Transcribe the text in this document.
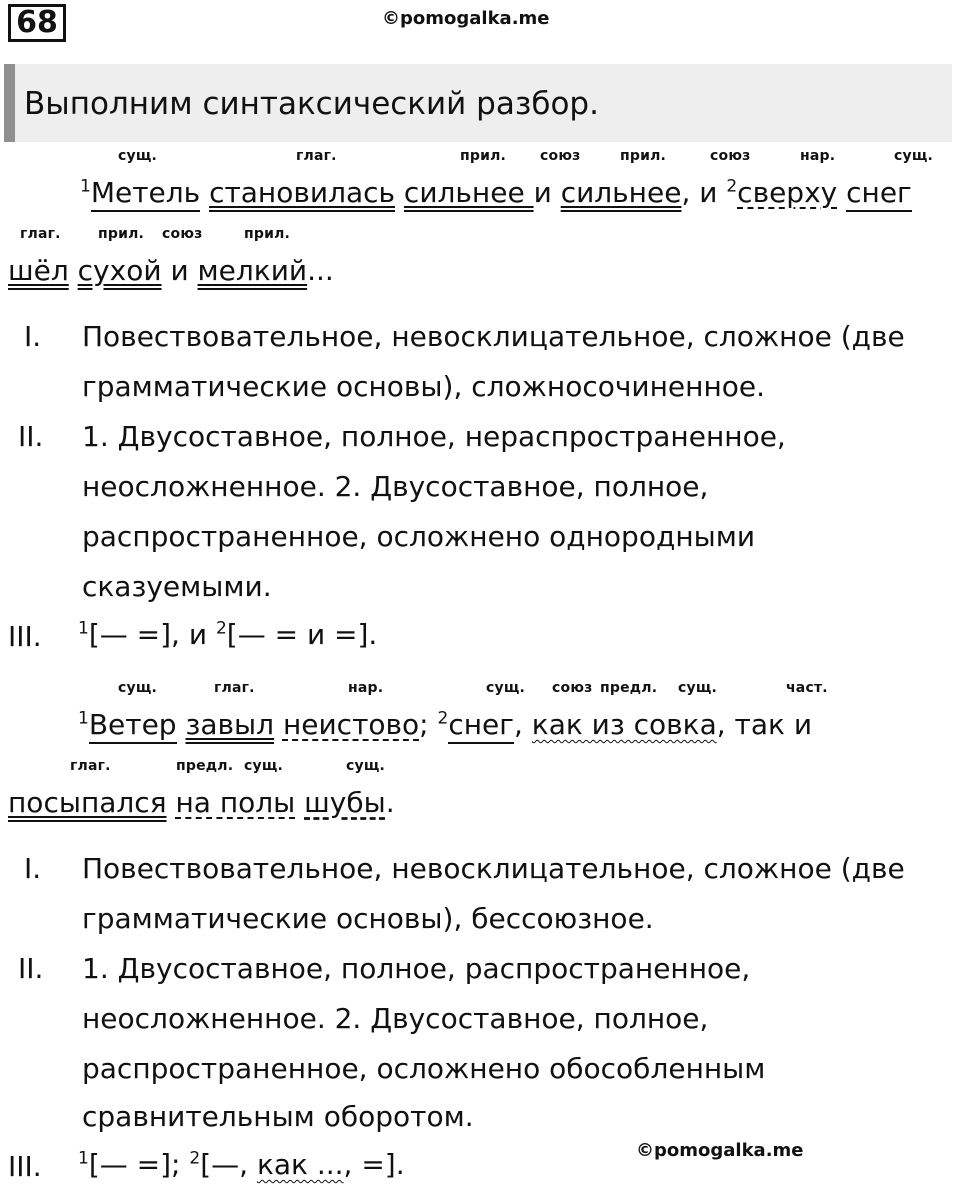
68	©pomogalka.me
Выполним синтаксический разбор.
сущ.	глаг.	прил. союз	прил.	союз	нар.	сущ.
$^1$Метель становилась сильнее и сильнее, и $^2$сверху снег
глаг.	прил. союз	прил.
шёл сухой и мелкий...
I. Повествовательное, невосклицательное, сложное (две
грамматические основы), сложносочиненное.
II. 1. Двусоставное, полное, нераспространенное,
неосложненное. 2. Двусоставное, полное,
распространенное, осложнено однородными
сказуемыми.
III. $^1$[— =], и $^2$[— = и =].
сущ.	глаг.	нар.	сущ. союз предл. сущ.	част.
$^1$Ветер завыл неистово; $^2$снег, как из совка, так и
глаг.	предл. сущ.	сущ.
посыпался на полы шубы.
I. Повествовательное, невосклицательное, сложное (две
грамматические основы), бессоюзное.
II. 1. Двусоставное, полное, распространенное,
неосложненное. 2. Двусоставное, полное,
распространенное, осложнено обособленным
сравнительным оборотом.
III. $^1$[— =]; $^2$[—, как ..., =].	©pomogalka.me
